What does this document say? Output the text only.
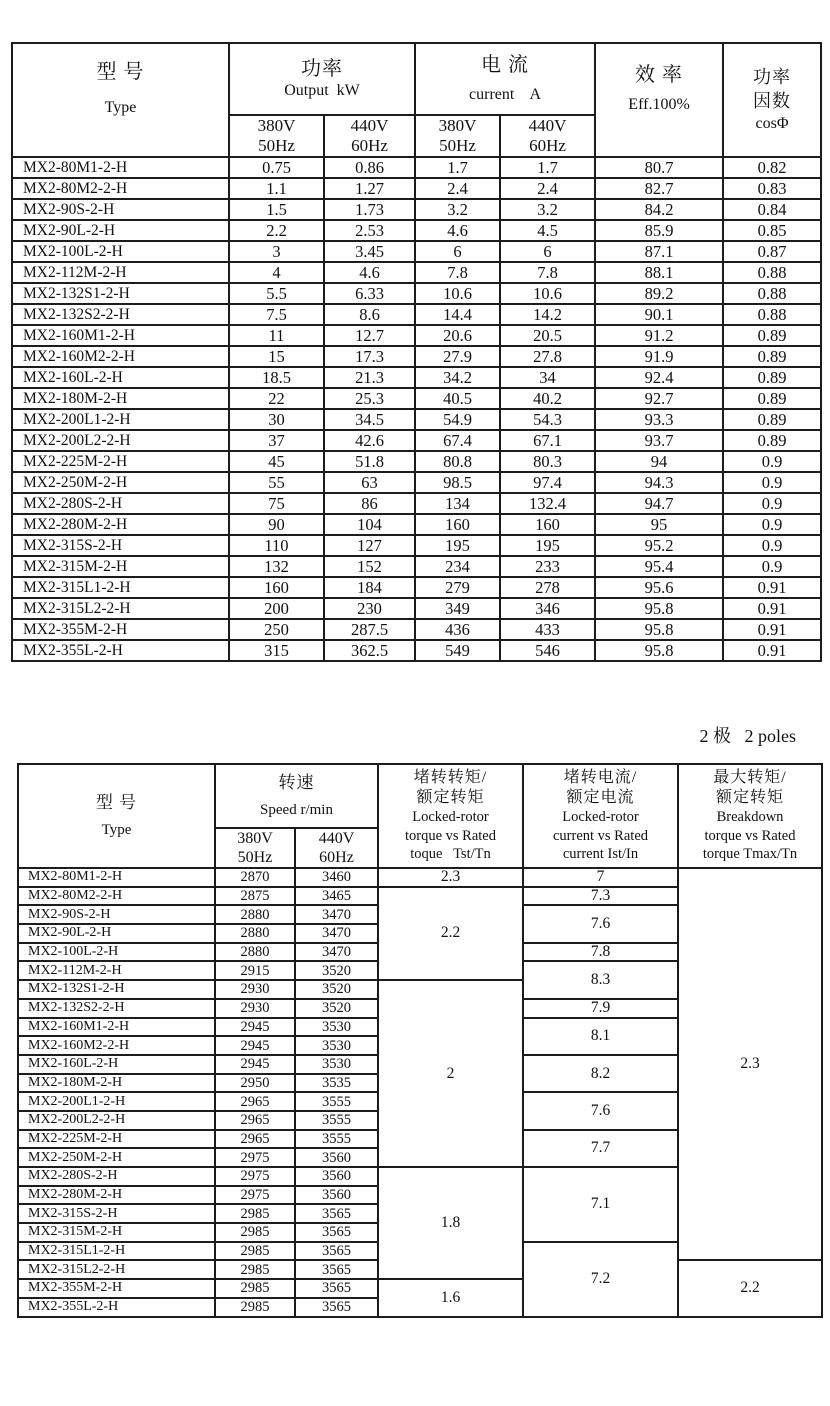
型 号
Type

功率
Output  kW

电 流
current    A

效 率
Eff.100%

功率
因数
cosΦ

380V
50Hz

440V
60Hz

380V
50Hz

440V
60Hz

MX2-80M1-2-H	0.75	0.86	1.7	1.7	80.7	0.82
MX2-80M2-2-H	1.1	1.27	2.4	2.4	82.7	0.83
MX2-90S-2-H	1.5	1.73	3.2	3.2	84.2	0.84
MX2-90L-2-H	2.2	2.53	4.6	4.5	85.9	0.85
MX2-100L-2-H	3	3.45	6	6	87.1	0.87
MX2-112M-2-H	4	4.6	7.8	7.8	88.1	0.88
MX2-132S1-2-H	5.5	6.33	10.6	10.6	89.2	0.88
MX2-132S2-2-H	7.5	8.6	14.4	14.2	90.1	0.88
MX2-160M1-2-H	11	12.7	20.6	20.5	91.2	0.89
MX2-160M2-2-H	15	17.3	27.9	27.8	91.9	0.89
MX2-160L-2-H	18.5	21.3	34.2	34	92.4	0.89
MX2-180M-2-H	22	25.3	40.5	40.2	92.7	0.89
MX2-200L1-2-H	30	34.5	54.9	54.3	93.3	0.89
MX2-200L2-2-H	37	42.6	67.4	67.1	93.7	0.89
MX2-225M-2-H	45	51.8	80.8	80.3	94	0.9
MX2-250M-2-H	55	63	98.5	97.4	94.3	0.9
MX2-280S-2-H	75	86	134	132.4	94.7	0.9
MX2-280M-2-H	90	104	160	160	95	0.9
MX2-315S-2-H	110	127	195	195	95.2	0.9
MX2-315M-2-H	132	152	234	233	95.4	0.9
MX2-315L1-2-H	160	184	279	278	95.6	0.91
MX2-315L2-2-H	200	230	349	346	95.8	0.91
MX2-355M-2-H	250	287.5	436	433	95.8	0.91
MX2-355L-2-H	315	362.5	549	546	95.8	0.91
2 极   2 poles
型 号
Type

转速
Speed r/min

堵转转矩/
额定转矩
Locked-rotor
torque vs Rated
toque   Tst/Tn

堵转电流/
额定电流
Locked-rotor
current vs Rated
current Ist/In

最大转矩/
额定转矩
Breakdown
torque vs Rated
torque Tmax/Tn

380V
50Hz

440V
60Hz

MX2-80M1-2-H	2870	3460	2.3	7	2.3
MX2-80M2-2-H	2875	3465	2.2	7.3	
MX2-90S-2-H	2880	3470		7.6	
MX2-90L-2-H	2880	3470			
MX2-100L-2-H	2880	3470		7.8	
MX2-112M-2-H	2915	3520		8.3	
MX2-132S1-2-H	2930	3520	2		
MX2-132S2-2-H	2930	3520		7.9	
MX2-160M1-2-H	2945	3530		8.1	
MX2-160M2-2-H	2945	3530			
MX2-160L-2-H	2945	3530		8.2	
MX2-180M-2-H	2950	3535			
MX2-200L1-2-H	2965	3555		7.6	
MX2-200L2-2-H	2965	3555			
MX2-225M-2-H	2965	3555		7.7	
MX2-250M-2-H	2975	3560			
MX2-280S-2-H	2975	3560	1.8	7.1	
MX2-280M-2-H	2975	3560			
MX2-315S-2-H	2985	3565			
MX2-315M-2-H	2985	3565			
MX2-315L1-2-H	2985	3565		7.2	
MX2-315L2-2-H	2985	3565			2.2
MX2-355M-2-H	2985	3565	1.6		
MX2-355L-2-H	2985	3565			
